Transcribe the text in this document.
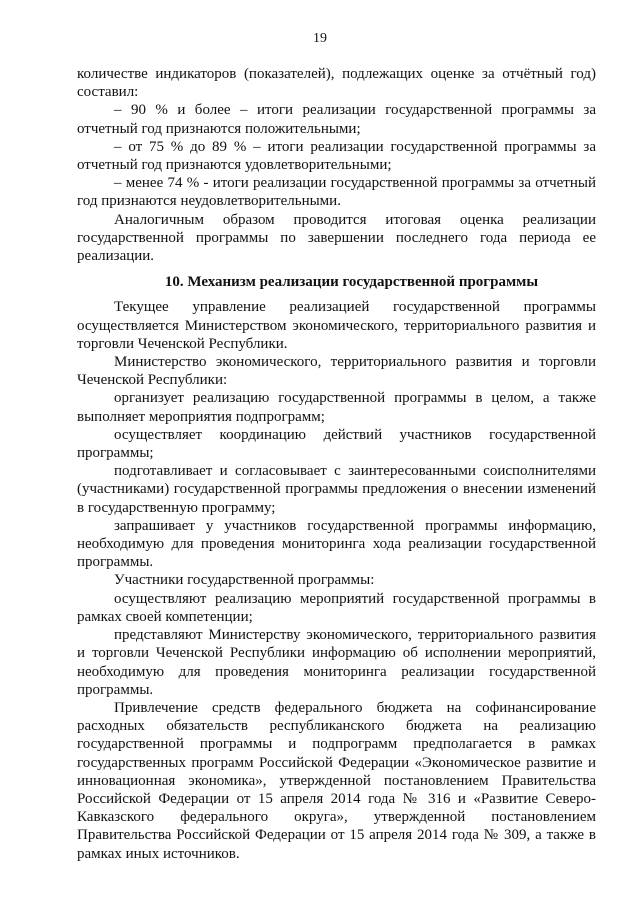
19

количестве индикаторов (показателей), подлежащих оценке за отчётный год) составил:

– 90 % и более – итоги реализации государственной программы за отчетный год признаются положительными;

– от 75 % до 89 % – итоги реализации государственной программы за отчетный год признаются удовлетворительными;

– менее 74 % - итоги реализации государственной программы за отчетный год признаются неудовлетворительными.

Аналогичным образом проводится итоговая оценка реализации государственной программы по завершении последнего года периода ее реализации.

10. Механизм реализации государственной программы

Текущее управление реализацией государственной программы осуществляется Министерством экономического, территориального развития и торговли Чеченской Республики.

Министерство экономического, территориального развития и торговли Чеченской Республики:

организует реализацию государственной программы в целом, а также выполняет мероприятия подпрограмм;

осуществляет координацию действий участников государственной программы;

подготавливает и согласовывает с заинтересованными соисполнителями (участниками) государственной программы предложения о внесении изменений в государственную программу;

запрашивает у участников государственной программы информацию, необходимую для проведения мониторинга хода реализации государственной программы.

Участники государственной программы:

осуществляют реализацию мероприятий государственной программы в рамках своей компетенции;

представляют Министерству экономического, территориального развития и торговли Чеченской Республики информацию об исполнении мероприятий, необходимую для проведения мониторинга реализации государственной программы.

Привлечение средств федерального бюджета на софинансирование расходных обязательств республиканского бюджета на реализацию государственной программы и подпрограмм предполагается в рамках государственных программ Российской Федерации «Экономическое развитие и инновационная экономика», утвержденной постановлением Правительства Российской Федерации от 15 апреля 2014 года № 316 и «Развитие Северо-Кавказского федерального округа», утвержденной постановлением Правительства Российской Федерации от 15 апреля 2014 года № 309, а также в рамках иных источников.
